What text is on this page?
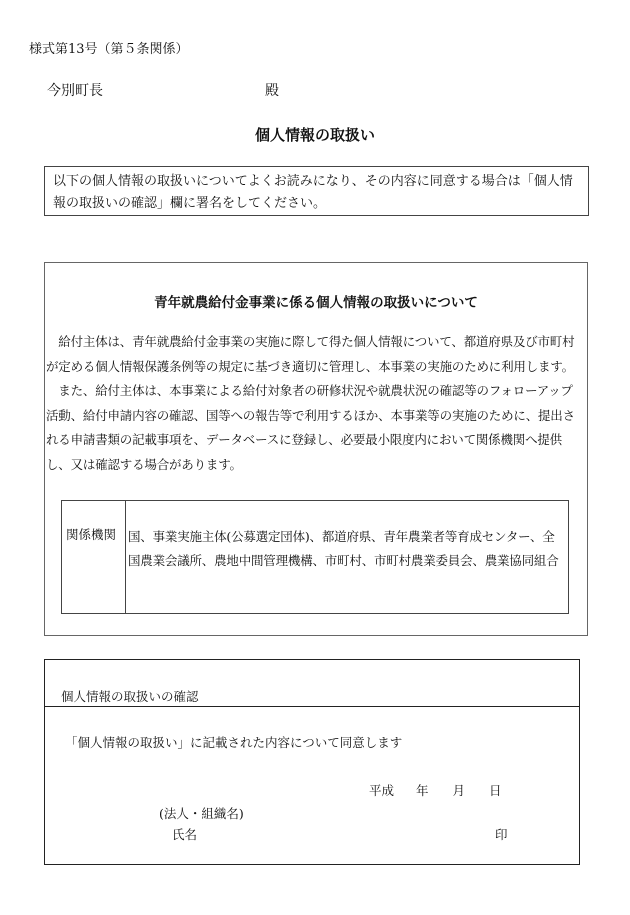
様式第13号（第５条関係）
今別町長	殿
個人情報の取扱い
以下の個人情報の取扱いについてよくお読みになり、その内容に同意する場合は「個人情報の取扱いの確認」欄に署名をしてください。
青年就農給付金事業に係る個人情報の取扱いについて

　給付主体は、青年就農給付金事業の実施に際して得た個人情報について、都道府県及び市町村が定める個人情報保護条例等の規定に基づき適切に管理し、本事業の実施のために利用します。

　また、給付主体は、本事業による給付対象者の研修状況や就農状況の確認等のフォローアップ活動、給付申請内容の確認、国等への報告等で利用するほか、本事業等の実施のために、提出される申請書類の記載事項を、データベースに登録し、必要最小限度内において関係機関へ提供し、又は確認する場合があります。

関係機関 国、事業実施主体(公募選定団体)、都道府県、青年農業者等育成センター、全国農業会議所、農地中間管理機構、市町村、市町村農業委員会、農業協同組合
個人情報の取扱いの確認
「個人情報の取扱い」に記載された内容について同意します
平成 年 月 日
(法人・組織名)
氏名	印
